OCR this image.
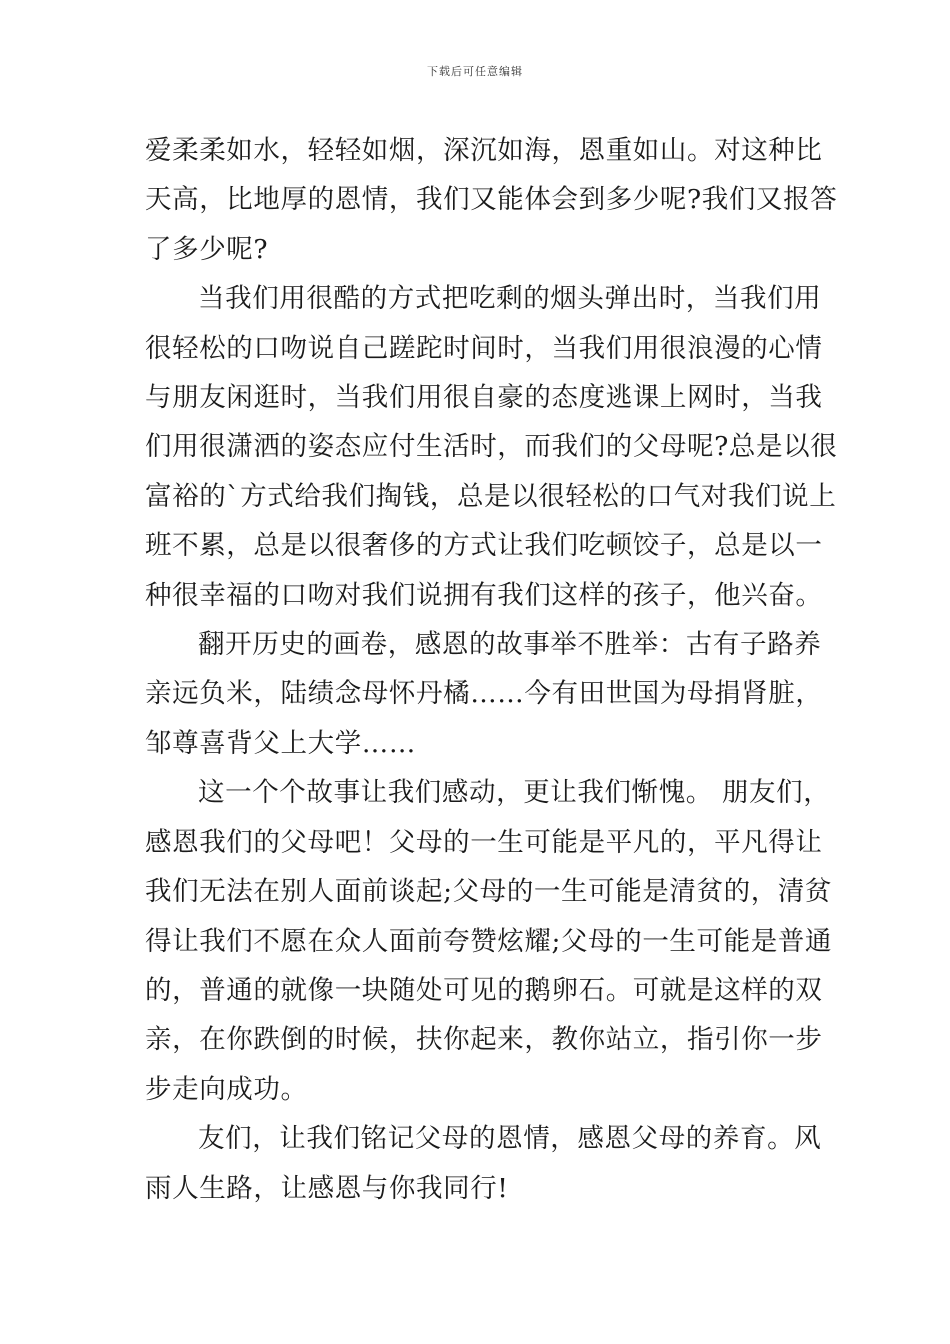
下载后可任意编辑

爱柔柔如水，轻轻如烟，深沉如海，恩重如山。对这种比
天高，比地厚的恩情，我们又能体会到多少呢?我们又报答
了多少呢?

当我们用很酷的方式把吃剩的烟头弹出时，当我们用
很轻松的口吻说自己蹉跎时间时，当我们用很浪漫的心情
与朋友闲逛时，当我们用很自豪的态度逃课上网时，当我
们用很潇洒的姿态应付生活时，而我们的父母呢?总是以很
富裕的`方式给我们掏钱，总是以很轻松的口气对我们说上
班不累，总是以很奢侈的方式让我们吃顿饺子，总是以一
种很幸福的口吻对我们说拥有我们这样的孩子，他兴奋。

翻开历史的画卷，感恩的故事举不胜举：古有子路养
亲远负米，陆绩念母怀丹橘……今有田世国为母捐肾脏，
邹尊喜背父上大学……

这一个个故事让我们感动，更让我们惭愧。 朋友们，
感恩我们的父母吧！父母的一生可能是平凡的，平凡得让
我们无法在别人面前谈起;父母的一生可能是清贫的，清贫
得让我们不愿在众人面前夸赞炫耀;父母的一生可能是普通
的，普通的就像一块随处可见的鹅卵石。可就是这样的双
亲，在你跌倒的时候，扶你起来，教你站立，指引你一步
步走向成功。

友们，让我们铭记父母的恩情，感恩父母的养育。风
雨人生路，让感恩与你我同行!
